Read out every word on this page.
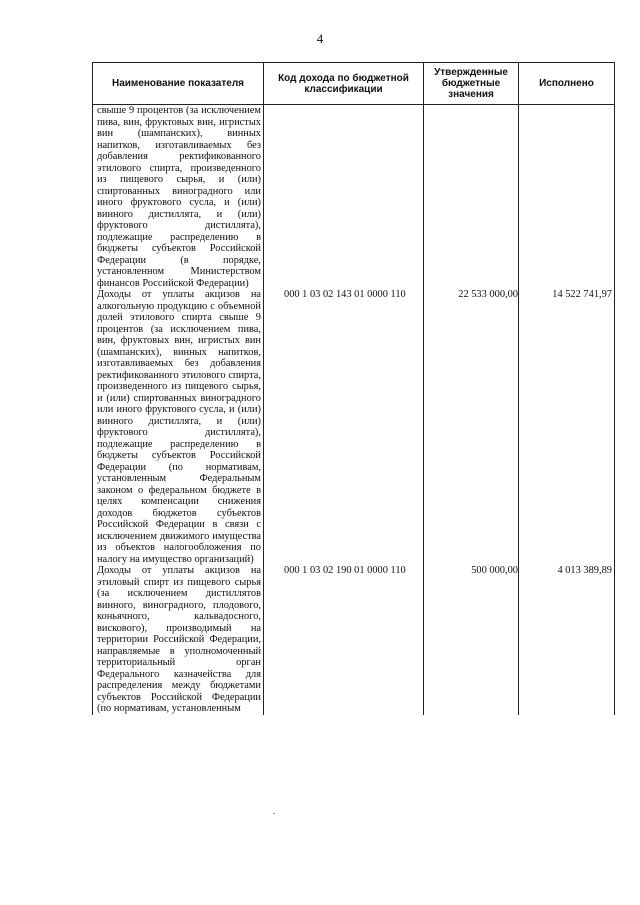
4
Наименование показателя	Код дохода по бюджетной классификации	Утвержденные бюджетные значения	Исполнено

свыше 9 процентов (за исключением пива, вин, фруктовых вин, игристых вин (шампанских), винных напитков, изготавливаемых без добавления ректификованного этилового спирта, произведенного из пищевого сырья, и (или) спиртованных виноградного или иного фруктового сусла, и (или) винного дистиллята, и (или) фруктового дистиллята), подлежащие распределению в бюджеты субъектов Российской Федерации (в порядке, установленном Министерством финансов Российской Федерации)			

Доходы от уплаты акцизов на алкогольную продукцию с объемной долей этилового спирта свыше 9 процентов (за исключением пива, вин, фруктовых вин, игристых вин (шампанских), винных напитков, изготавливаемых без добавления ректификованного этилового спирта, произведенного из пищевого сырья, и (или) спиртованных виноградного или иного фруктового сусла, и (или) винного дистиллята, и (или) фруктового дистиллята), подлежащие распределению в бюджеты субъектов Российской Федерации (по нормативам, установленным Федеральным законом о федеральном бюджете в целях компенсации снижения доходов бюджетов субъектов Российской Федерации в связи с исключением движимого имущества из объектов налогообложения по налогу на имущество организаций)	000 1 03 02 143 01 0000 110	22 533 000,00	14 522 741,97

Доходы от уплаты акцизов на этиловый спирт из пищевого сырья (за исключением дистиллятов винного, виноградного, плодового, коньячного, кальвадосного, вискового), производимый на территории Российской Федерации, направляемые в уполномоченный территориальный орган Федерального казначейства для распределения между бюджетами субъектов Российской Федерации (по нормативам, установленным	000 1 03 02 190 01 0000 110	500 000,00	4 013 389,89
